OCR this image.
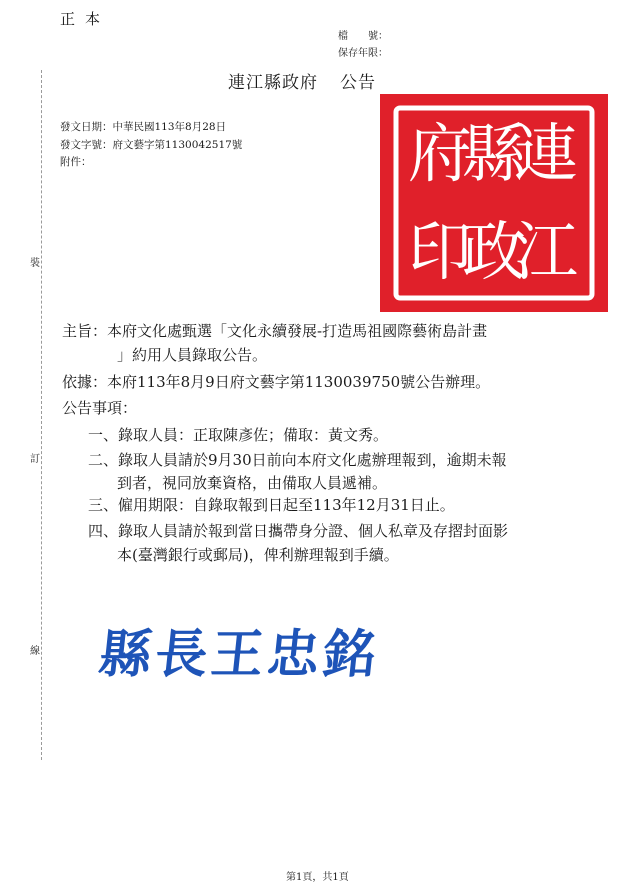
正本
檔　　號：
保存年限：
連江縣政府 公告
發文日期：中華民國113年8月28日
發文字號：府文藝字第1130042517號
附件：
裝
訂
線
連
縣
府
江
政
印
主旨：本府文化處甄選「文化永續發展-打造馬祖國際藝術島計畫
」約用人員錄取公告。
依據：本府113年8月9日府文藝字第1130039750號公告辦理。
公告事項：
一、錄取人員：正取陳彥佐；備取：黃文秀。
二、錄取人員請於9月30日前向本府文化處辦理報到，逾期未報
到者，視同放棄資格，由備取人員遞補。
三、僱用期限：自錄取報到日起至113年12月31日止。
四、錄取人員請於報到當日攜帶身分證、個人私章及存摺封面影
本(臺灣銀行或郵局)，俾利辦理報到手續。
縣長王忠銘
第1頁，共1頁
